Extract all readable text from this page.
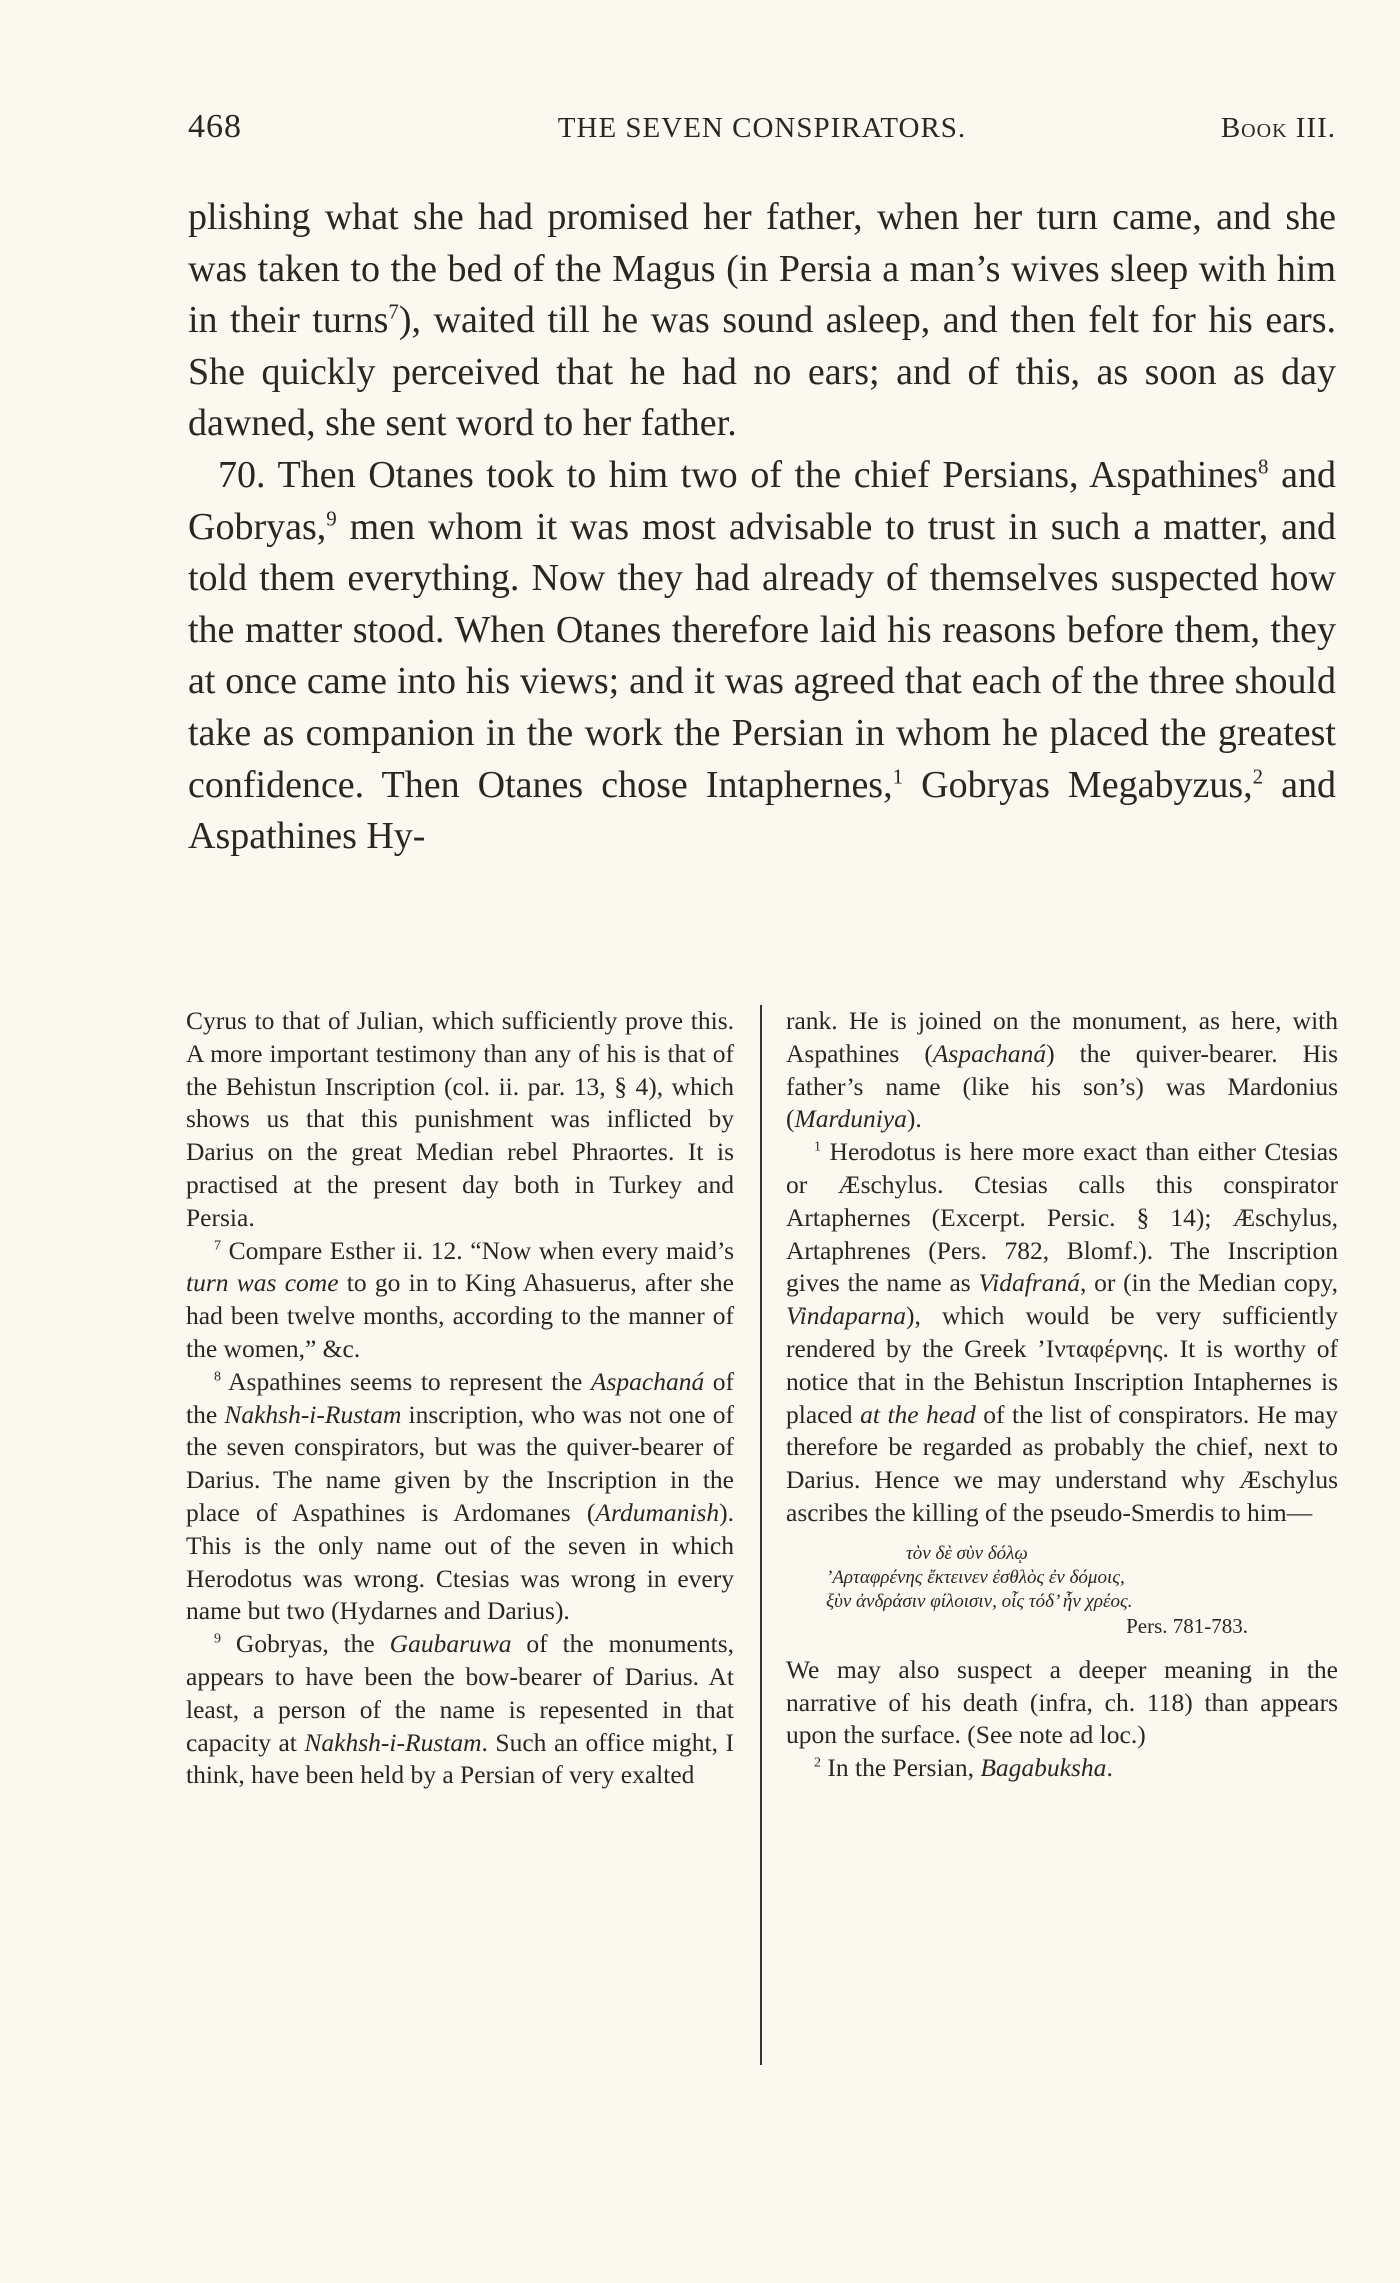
468	THE SEVEN CONSPIRATORS.	Book III.

plishing what she had promised her father, when her turn came, and she was taken to the bed of the Magus (in Persia a man’s wives sleep with him in their turns$^7$), waited till he was sound asleep, and then felt for his ears. She quickly perceived that he had no ears; and of this, as soon as day dawned, she sent word to her father.

70. Then Otanes took to him two of the chief Persians, Aspathines$^8$ and Gobryas,$^9$ men whom it was most advisable to trust in such a matter, and told them everything. Now they had already of themselves suspected how the matter stood. When Otanes therefore laid his reasons before them, they at once came into his views; and it was agreed that each of the three should take as companion in the work the Persian in whom he placed the greatest confidence. Then Otanes chose Intaphernes,$^1$ Gobryas Megabyzus,$^2$ and Aspathines Hy-

Cyrus to that of Julian, which sufficiently prove this. A more important testimony than any of his is that of the Behistun Inscription (col. ii. par. 13, § 4), which shows us that this punishment was inflicted by Darius on the great Median rebel Phraortes. It is practised at the present day both in Turkey and Persia.

$^7$ Compare Esther ii. 12. “Now when every maid’s turn was come to go in to King Ahasuerus, after she had been twelve months, according to the manner of the women,” &c.

$^8$ Aspathines seems to represent the Aspachaná of the Nakhsh-i-Rustam inscription, who was not one of the seven conspirators, but was the quiver-bearer of Darius. The name given by the Inscription in the place of Aspathines is Ardomanes (Ardumanish). This is the only name out of the seven in which Herodotus was wrong. Ctesias was wrong in every name but two (Hydarnes and Darius).

$^9$ Gobryas, the Gaubaruwa of the monuments, appears to have been the bow-bearer of Darius. At least, a person of the name is repesented in that capacity at Nakhsh-i-Rustam. Such an office might, I think, have been held by a Persian of very exalted

rank. He is joined on the monument, as here, with Aspathines (Aspachaná) the quiver-bearer. His father’s name (like his son’s) was Mardonius (Marduniya).

$^1$ Herodotus is here more exact than either Ctesias or Æschylus. Ctesias calls this conspirator Artaphernes (Excerpt. Persic. § 14); Æschylus, Artaphrenes (Pers. 782, Blomf.). The Inscription gives the name as Vidafraná, or (in the Median copy, Vindaparna), which would be very sufficiently rendered by the Greek ’Ινταφέρνης. It is worthy of notice that in the Behistun Inscription Intaphernes is placed at the head of the list of conspirators. He may therefore be regarded as probably the chief, next to Darius. Hence we may understand why Æschylus ascribes the killing of the pseudo-Smerdis to him—

τὸν δὲ σὺν δόλῳ
’Αρταφρένης ἔκτεινεν ἐσθλὸς ἐν δόμοις,
ξὺν ἀνδράσιν φίλοισιν, οἷς τόδ’ ἦν χρέος.
Pers. 781-783.

We may also suspect a deeper meaning in the narrative of his death (infra, ch. 118) than appears upon the surface. (See note ad loc.)

$^2$ In the Persian, Bagabuksha.
